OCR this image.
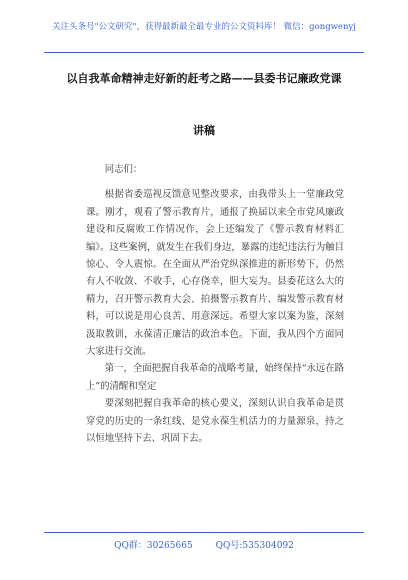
关注头条号"公文研究"，获得最新最全最专业的公文资料库！ 微信：gongwenyj
以自我革命精神走好新的赶考之路——县委书记廉政党课
讲稿

同志们：

根据省委巡视反馈意见整改要求，由我带头上一堂廉政党课。刚才，观看了警示教育片，通报了换届以来全市党风廉政建设和反腐败工作情况作，会上还编发了《警示教育材料汇编》。这些案例，就发生在我们身边，暴露的违纪违法行为触目惊心、令人震惊。在全面从严治党纵深推进的新形势下，仍然有人不收敛、不收手，心存侥幸，胆大妄为。县委花这么大的精力，召开警示教育大会、拍摄警示教育片、编发警示教育材料，可以说是用心良苦、用意深远。希望大家以案为鉴，深刻汲取教训，永葆清正廉洁的政治本色。下面，我从四个方面同大家进行交流。

第一，全面把握自我革命的战略考量，始终保持“永远在路上”的清醒和坚定

要深刻把握自我革命的核心要义，深刻认识自我革命是贯穿党的历史的一条红线、是党永葆生机活力的力量源泉，持之以恒地坚持下去、巩固下去。

QQ群：30265665	QQ号:535304092
